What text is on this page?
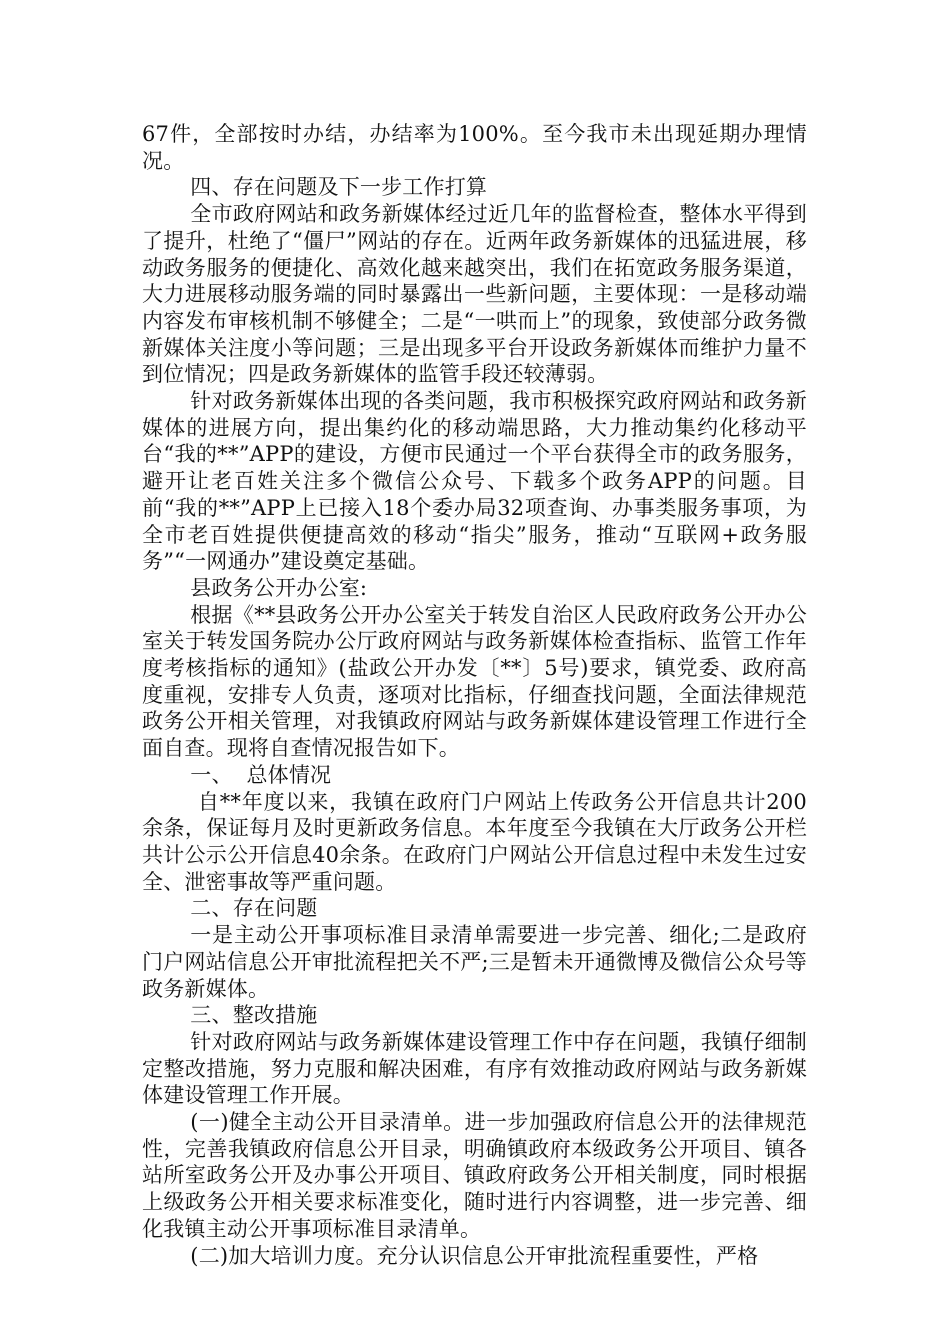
67件，全部按时办结，办结率为100%。至今我市未出现延期办理情况。

四、存在问题及下一步工作打算

全市政府网站和政务新媒体经过近几年的监督检查，整体水平得到了提升，杜绝了“僵尸”网站的存在。近两年政务新媒体的迅猛进展，移动政务服务的便捷化、高效化越来越突出，我们在拓宽政务服务渠道，大力进展移动服务端的同时暴露出一些新问题，主要体现：一是移动端内容发布审核机制不够健全；二是“一哄而上”的现象，致使部分政务微新媒体关注度小等问题；三是出现多平台开设政务新媒体而维护力量不到位情况；四是政务新媒体的监管手段还较薄弱。

针对政务新媒体出现的各类问题，我市积极探究政府网站和政务新媒体的进展方向，提出集约化的移动端思路，大力推动集约化移动平台“我的**”APP的建设，方便市民通过一个平台获得全市的政务服务，避开让老百姓关注多个微信公众号、下载多个政务APP的问题。目前“我的**”APP上已接入18个委办局32项查询、办事类服务事项，为全市老百姓提供便捷高效的移动“指尖”服务，推动“互联网+政务服务”“一网通办”建设奠定基础。

县政务公开办公室:

根据《**县政务公开办公室关于转发自治区人民政府政务公开办公室关于转发国务院办公厅政府网站与政务新媒体检查指标、监管工作年度考核指标的通知》(盐政公开办发〔**〕5号)要求，镇党委、政府高度重视，安排专人负责，逐项对比指标，仔细查找问题，全面法律规范政务公开相关管理，对我镇政府网站与政务新媒体建设管理工作进行全面自查。现将自查情况报告如下。

一、  总体情况

自**年度以来，我镇在政府门户网站上传政务公开信息共计200余条，保证每月及时更新政务信息。本年度至今我镇在大厅政务公开栏共计公示公开信息40余条。在政府门户网站公开信息过程中未发生过安全、泄密事故等严重问题。

二、存在问题

一是主动公开事项标准目录清单需要进一步完善、细化;二是政府门户网站信息公开审批流程把关不严;三是暂未开通微博及微信公众号等政务新媒体。

三、整改措施

针对政府网站与政务新媒体建设管理工作中存在问题，我镇仔细制定整改措施，努力克服和解决困难，有序有效推动政府网站与政务新媒体建设管理工作开展。

(一)健全主动公开目录清单。进一步加强政府信息公开的法律规范性，完善我镇政府信息公开目录，明确镇政府本级政务公开项目、镇各站所室政务公开及办事公开项目、镇政府政务公开相关制度，同时根据上级政务公开相关要求标准变化，随时进行内容调整，进一步完善、细化我镇主动公开事项标准目录清单。

(二)加大培训力度。充分认识信息公开审批流程重要性，严格
